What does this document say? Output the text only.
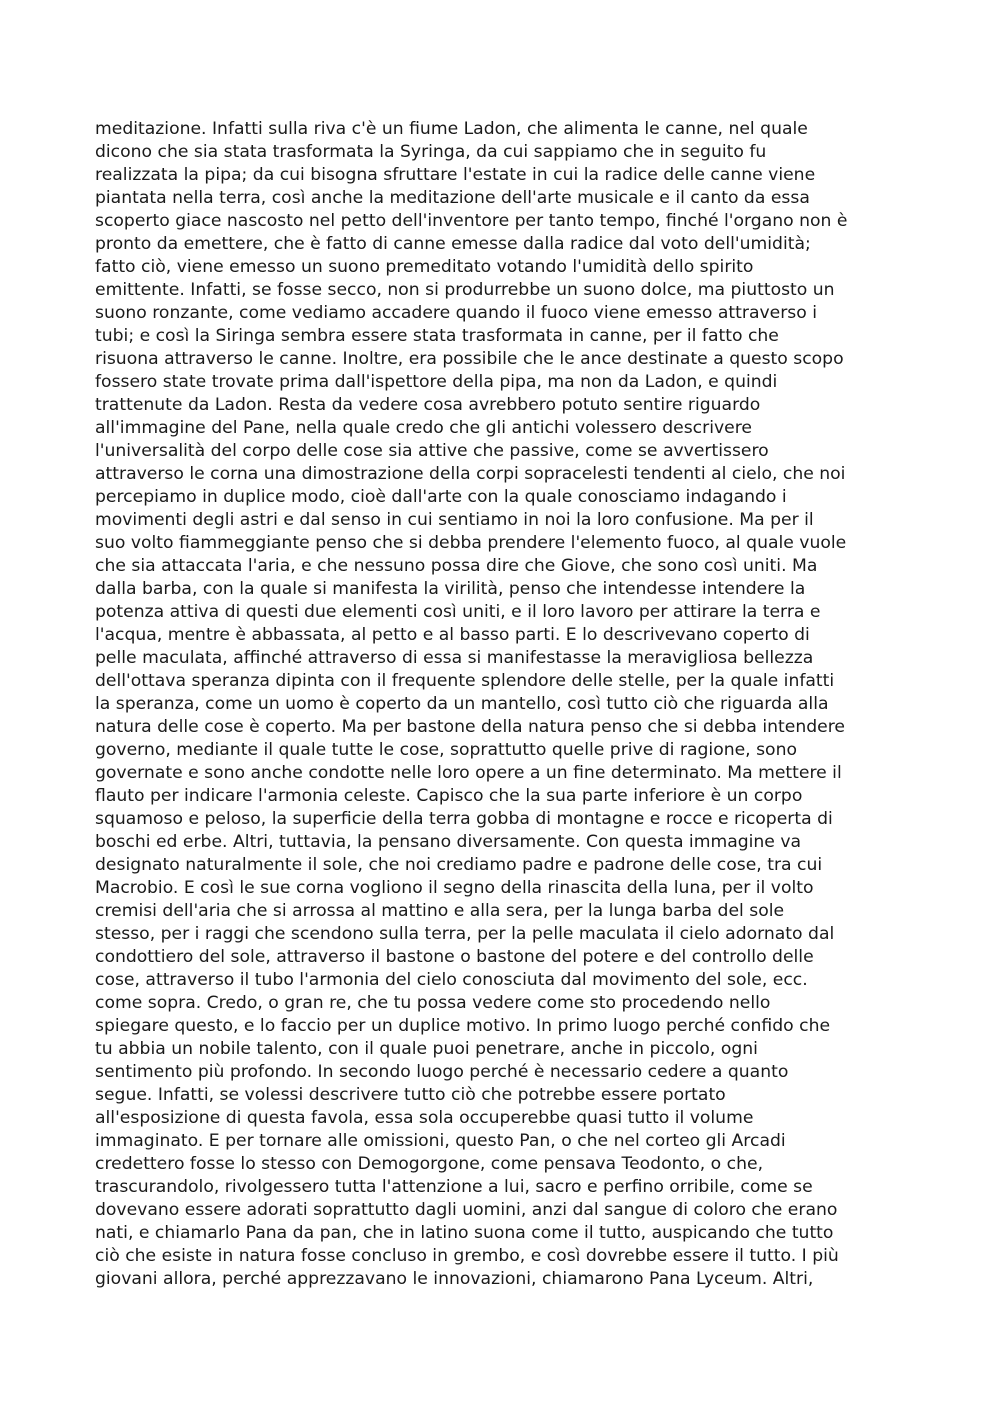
meditazione. Infatti sulla riva c'è un fiume Ladon, che alimenta le canne, nel quale
dicono che sia stata trasformata la Syringa, da cui sappiamo che in seguito fu
realizzata la pipa; da cui bisogna sfruttare l'estate in cui la radice delle canne viene
piantata nella terra, così anche la meditazione dell'arte musicale e il canto da essa
scoperto giace nascosto nel petto dell'inventore per tanto tempo, finché l'organo non è
pronto da emettere, che è fatto di canne emesse dalla radice dal voto dell'umidità;
fatto ciò, viene emesso un suono premeditato votando l'umidità dello spirito
emittente. Infatti, se fosse secco, non si produrrebbe un suono dolce, ma piuttosto un
suono ronzante, come vediamo accadere quando il fuoco viene emesso attraverso i
tubi; e così la Siringa sembra essere stata trasformata in canne, per il fatto che
risuona attraverso le canne. Inoltre, era possibile che le ance destinate a questo scopo
fossero state trovate prima dall'ispettore della pipa, ma non da Ladon, e quindi
trattenute da Ladon. Resta da vedere cosa avrebbero potuto sentire riguardo
all'immagine del Pane, nella quale credo che gli antichi volessero descrivere
l'universalità del corpo delle cose sia attive che passive, come se avvertissero
attraverso le corna una dimostrazione della corpi sopracelesti tendenti al cielo, che noi
percepiamo in duplice modo, cioè dall'arte con la quale conosciamo indagando i
movimenti degli astri e dal senso in cui sentiamo in noi la loro confusione. Ma per il
suo volto fiammeggiante penso che si debba prendere l'elemento fuoco, al quale vuole
che sia attaccata l'aria, e che nessuno possa dire che Giove, che sono così uniti. Ma
dalla barba, con la quale si manifesta la virilità, penso che intendesse intendere la
potenza attiva di questi due elementi così uniti, e il loro lavoro per attirare la terra e
l'acqua, mentre è abbassata, al petto e al basso parti. E lo descrivevano coperto di
pelle maculata, affinché attraverso di essa si manifestasse la meravigliosa bellezza
dell'ottava speranza dipinta con il frequente splendore delle stelle, per la quale infatti
la speranza, come un uomo è coperto da un mantello, così tutto ciò che riguarda alla
natura delle cose è coperto. Ma per bastone della natura penso che si debba intendere
governo, mediante il quale tutte le cose, soprattutto quelle prive di ragione, sono
governate e sono anche condotte nelle loro opere a un fine determinato. Ma mettere il
flauto per indicare l'armonia celeste. Capisco che la sua parte inferiore è un corpo
squamoso e peloso, la superficie della terra gobba di montagne e rocce e ricoperta di
boschi ed erbe. Altri, tuttavia, la pensano diversamente. Con questa immagine va
designato naturalmente il sole, che noi crediamo padre e padrone delle cose, tra cui
Macrobio. E così le sue corna vogliono il segno della rinascita della luna, per il volto
cremisi dell'aria che si arrossa al mattino e alla sera, per la lunga barba del sole
stesso, per i raggi che scendono sulla terra, per la pelle maculata il cielo adornato dal
condottiero del sole, attraverso il bastone o bastone del potere e del controllo delle
cose, attraverso il tubo l'armonia del cielo conosciuta dal movimento del sole, ecc.
come sopra. Credo, o gran re, che tu possa vedere come sto procedendo nello
spiegare questo, e lo faccio per un duplice motivo. In primo luogo perché confido che
tu abbia un nobile talento, con il quale puoi penetrare, anche in piccolo, ogni
sentimento più profondo. In secondo luogo perché è necessario cedere a quanto
segue. Infatti, se volessi descrivere tutto ciò che potrebbe essere portato
all'esposizione di questa favola, essa sola occuperebbe quasi tutto il volume
immaginato. E per tornare alle omissioni, questo Pan, o che nel corteo gli Arcadi
credettero fosse lo stesso con Demogorgone, come pensava Teodonto, o che,
trascurandolo, rivolgessero tutta l'attenzione a lui, sacro e perfino orribile, come se
dovevano essere adorati soprattutto dagli uomini, anzi dal sangue di coloro che erano
nati, e chiamarlo Pana da pan, che in latino suona come il tutto, auspicando che tutto
ciò che esiste in natura fosse concluso in grembo, e così dovrebbe essere il tutto. I più
giovani allora, perché apprezzavano le innovazioni, chiamarono Pana Lyceum. Altri,
